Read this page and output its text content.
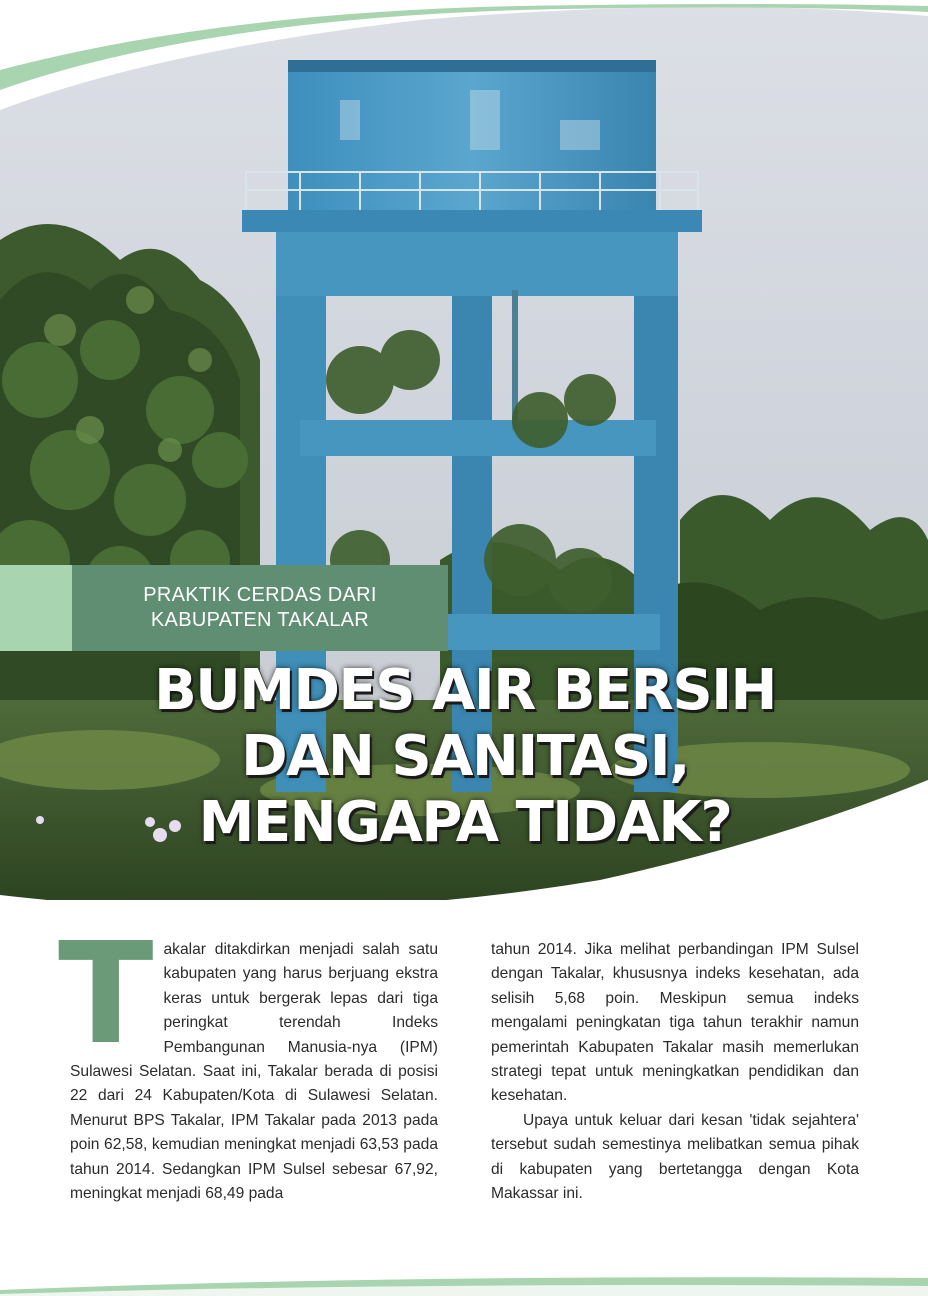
PRAKTIK CERDAS DARI
KABUPATEN TAKALAR
BUMDES AIR BERSIH
DAN SANITASI,
MENGAPA TIDAK?
T akalar ditakdirkan menjadi salah satu kabupaten yang harus berjuang ekstra keras untuk bergerak lepas dari tiga peringkat terendah Indeks Pembangunan Manusia-nya (IPM) Sulawesi Selatan. Saat ini, Takalar berada di posisi 22 dari 24 Kabupaten/Kota di Sulawesi Selatan. Menurut BPS Takalar, IPM Takalar pada 2013 pada poin 62,58, kemudian meningkat menjadi 63,53 pada tahun 2014. Sedangkan IPM Sulsel sebesar 67,92, meningkat menjadi 68,49 pada

tahun 2014. Jika melihat perbandingan IPM Sulsel dengan Takalar, khususnya indeks kesehatan, ada selisih 5,68 poin. Meskipun semua indeks mengalami peningkatan tiga tahun terakhir namun pemerintah Kabupaten Takalar masih memerlukan strategi tepat untuk meningkatkan pendidikan dan kesehatan.

Upaya untuk keluar dari kesan 'tidak sejahtera' tersebut sudah semestinya melibatkan semua pihak di kabupaten yang bertetangga dengan Kota Makassar ini.
